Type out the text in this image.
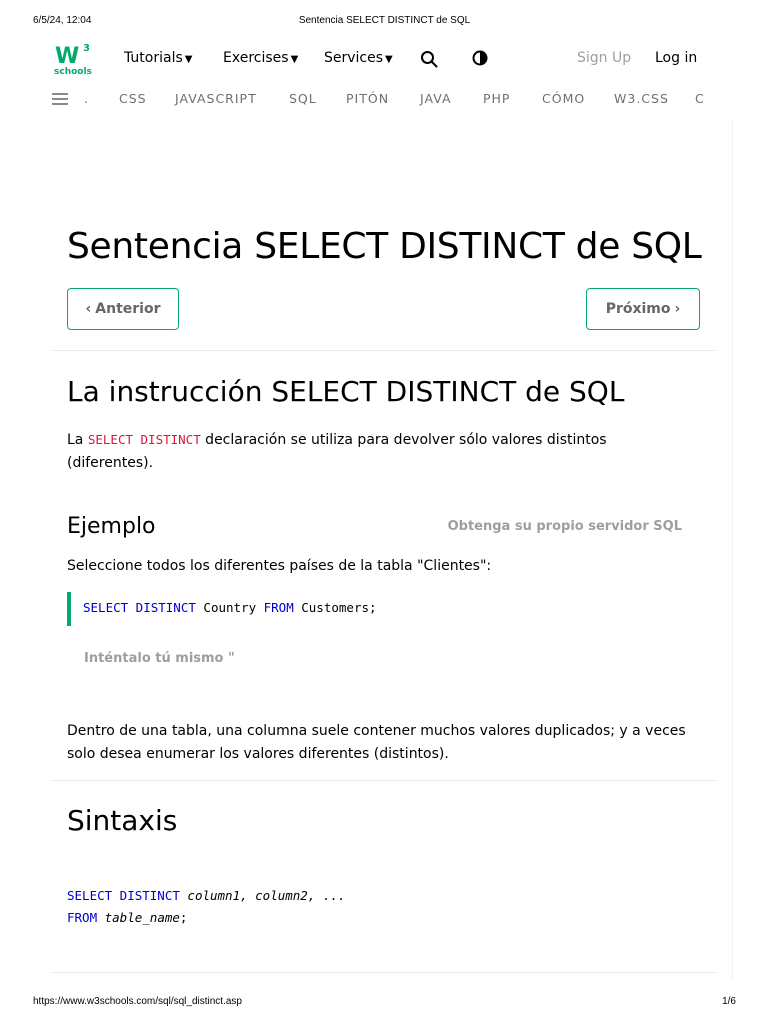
6/5/24, 12:04	Sentencia SELECT DISTINCT de SQL
3
W
schools
Tutorials ▼ Exercises ▼ Services ▼	Sign Up Log in
. CSS JAVASCRIPT	SQL PITÓN JAVA	PHP	CÓMO W3.CSS C
Sentencia SELECT DISTINCT de SQL
‹ Anterior	Próximo ›
La instrucción SELECT DISTINCT de SQL

La SELECT DISTINCT declaración se utiliza para devolver sólo valores distintos (diferentes).

Ejemplo	Obtenga su propio servidor SQL

Seleccione todos los diferentes países de la tabla "Clientes":

SELECT DISTINCT Country FROM Customers;
Inténtalo tú mismo "

Dentro de una tabla, una columna suele contener muchos valores duplicados; y a veces solo desea enumerar los valores diferentes (distintos).

Sintaxis
SELECT DISTINCT column1, column2, ...
FROM table_name;
https://www.w3schools.com/sql/sql_distinct.asp	1/6
